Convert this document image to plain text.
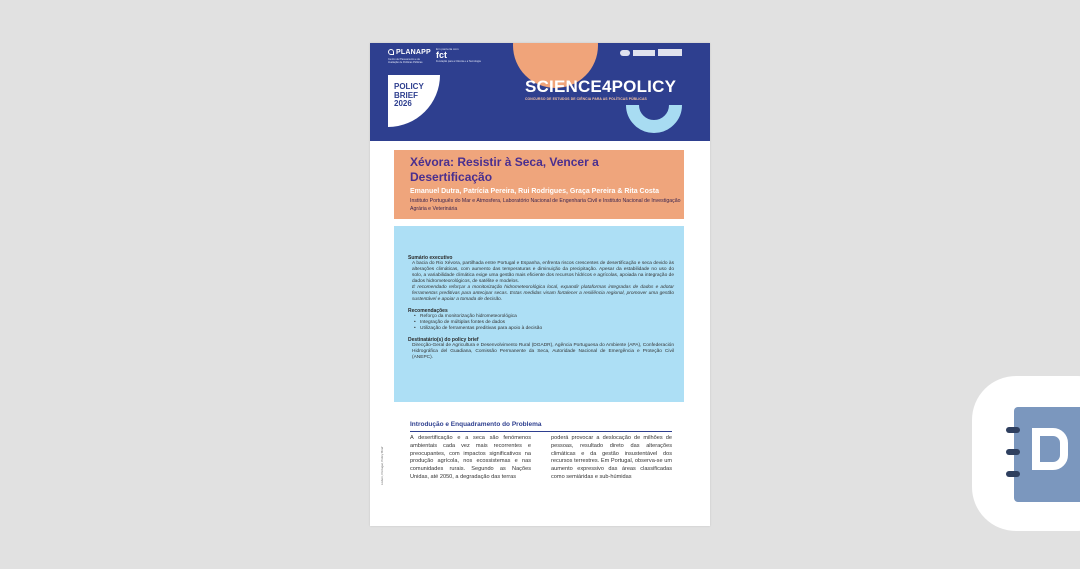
PLANAPP
Centro de Planeamento e de Avaliação de Políticas Públicas
Em parceria com
fct
Fundação para a Ciência e a Tecnologia
POLICY
BRIEF
2026
SCIENCE4POLICY
CONCURSO DE ESTUDOS DE CIÊNCIA PARA AS POLÍTICAS PÚBLICAS
Xévora: Resistir à Seca, Vencer a Desertificação
Emanuel Dutra, Patrícia Pereira, Rui Rodrigues, Graça Pereira & Rita Costa
Instituto Português do Mar e Atmosfera, Laboratório Nacional de Engenharia Civil e Instituto Nacional de Investigação Agrária e Veterinária
Sumário executivo

A bacia do Rio Xévora, partilhada entre Portugal e Espanha, enfrenta riscos crescentes de desertificação e seca devido às alterações climáticas, com aumento das temperaturas e diminuição da precipitação. Apesar da estabilidade no uso do solo, a variabilidade climática exige uma gestão mais eficiente dos recursos hídricos e agrícolas, apoiada na integração de dados hidrometeorológicos, de satélite e modelos.

É recomendado reforçar a monitorização hidrometeorológica local, expandir plataformas integradas de dados e adotar ferramentas preditivas para antecipar secas. Estas medidas visam fortalecer a resiliência regional, promover uma gestão sustentável e apoiar a tomada de decisão.

Recomendações
• Reforço da monitorização hidrometeorológica
• Integração de múltiplas fontes de dados
• Utilização de ferramentas preditivas para apoio à decisão
Destinatário(s) do policy brief

Direcção-Geral de Agricultura e Desenvolvimento Rural (DGADR), Agência Portuguesa do Ambiente (APA), Confederación Hidrográfica del Guadiana, Comissão Permanente da Seca, Autoridade Nacional de Emergência e Proteção Civil (ANEPC).

Lisbon, Portugal, Policy Brief
Introdução e Enquadramento do Problema
A desertificação e a seca são fenómenos ambientais cada vez mais recorrentes e preocupantes, com impactos significativos na produção agrícola, nos ecossistemas e nas comunidades rurais. Segundo as Nações Unidas, até 2050, a degradação das terras
poderá provocar a deslocação de milhões de pessoas, resultado direto das alterações climáticas e da gestão insustentável dos recursos terrestres. Em Portugal, observa-se um aumento expressivo das áreas classificadas como semiáridas e sub-húmidas
